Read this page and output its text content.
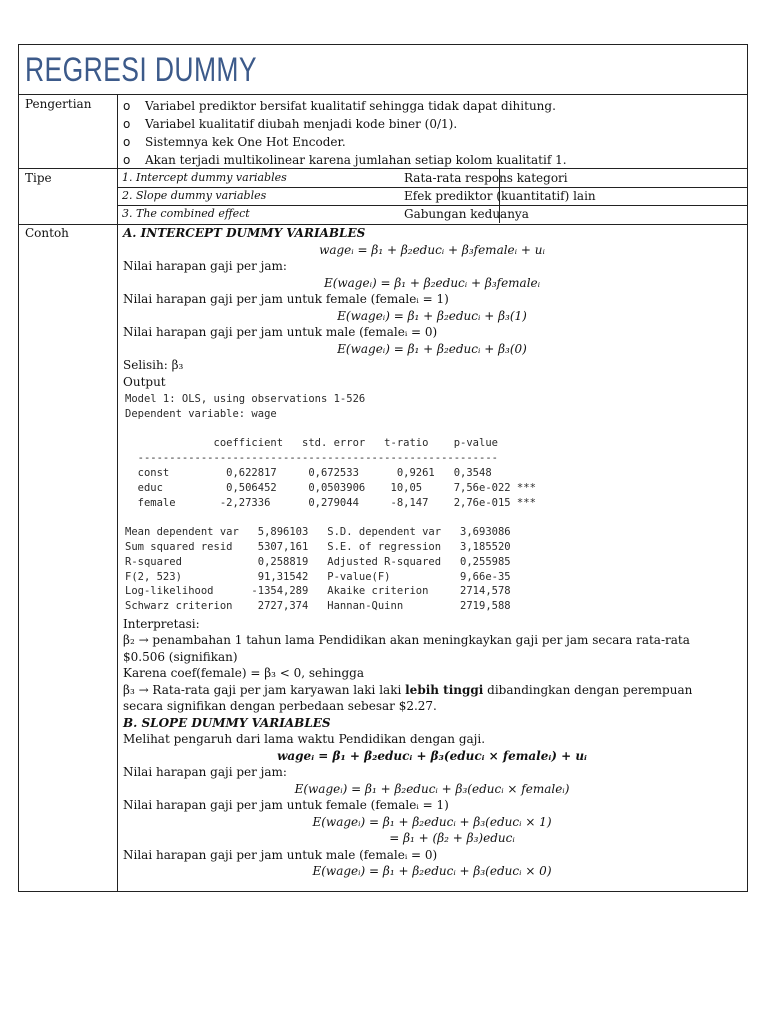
REGRESI DUMMY
Pengertian	o Variabel prediktor bersifat kualitatif sehingga tidak dapat dihitung.
o Variabel kualitatif diubah menjadi kode biner (0/1).
o Sistemnya kek One Hot Encoder.
o Akan terjadi multikolinear karena jumlahan setiap kolom kualitatif 1.
Tipe	1. Intercept dummy variables	Rata-rata respons kategori
2. Slope dummy variables	Efek prediktor (kuantitatif) lain
3. The combined effect	Gabungan keduanya
Contoh	A. INTERCEPT DUMMY VARIABLES
wageᵢ = β₁ + β₂educᵢ + β₃femaleᵢ + uᵢ
Nilai harapan gaji per jam:
E(wageᵢ) = β₁ + β₂educᵢ + β₃femaleᵢ
Nilai harapan gaji per jam untuk female (femaleᵢ = 1)
E(wageᵢ) = β₁ + β₂educᵢ + β₃(1)
Nilai harapan gaji per jam untuk male (femaleᵢ = 0)
E(wageᵢ) = β₁ + β₂educᵢ + β₃(0)
Selisih: β₃
Output
Model 1: OLS, using observations 1-526
Dependent variable: wage

coefficient   std. error   t-ratio    p-value
---------------------------------------------------------
const         0,622817     0,672533      0,9261   0,3548
educ          0,506452     0,0503906    10,05     7,56e-022 ***
female       -2,27336      0,279044     -8,147    2,76e-015 ***

Mean dependent var   5,896103   S.D. dependent var   3,693086
Sum squared resid    5307,161   S.E. of regression   3,185520
R-squared            0,258819   Adjusted R-squared   0,255985
F(2, 523)            91,31542   P-value(F)           9,66e-35
Log-likelihood      -1354,289   Akaike criterion     2714,578
Schwarz criterion    2727,374   Hannan-Quinn         2719,588
Interpretasi:
β₂ → penambahan 1 tahun lama Pendidikan akan meningkaykan gaji per jam secara rata-rata
$0.506 (signifikan)
Karena coef(female) = β₃ < 0, sehingga
β₃ → Rata-rata gaji per jam karyawan laki laki lebih tinggi dibandingkan dengan perempuan
secara signifikan dengan perbedaan sebesar $2.27.
B. SLOPE DUMMY VARIABLES
Melihat pengaruh dari lama waktu Pendidikan dengan gaji.
wageᵢ = β₁ + β₂educᵢ + β₃(educᵢ × femaleᵢ) + uᵢ
Nilai harapan gaji per jam:
E(wageᵢ) = β₁ + β₂educᵢ + β₃(educᵢ × femaleᵢ)
Nilai harapan gaji per jam untuk female (femaleᵢ = 1)
E(wageᵢ) = β₁ + β₂educᵢ + β₃(educᵢ × 1)
= β₁ + (β₂ + β₃)educᵢ
Nilai harapan gaji per jam untuk male (femaleᵢ = 0)
E(wageᵢ) = β₁ + β₂educᵢ + β₃(educᵢ × 0)
